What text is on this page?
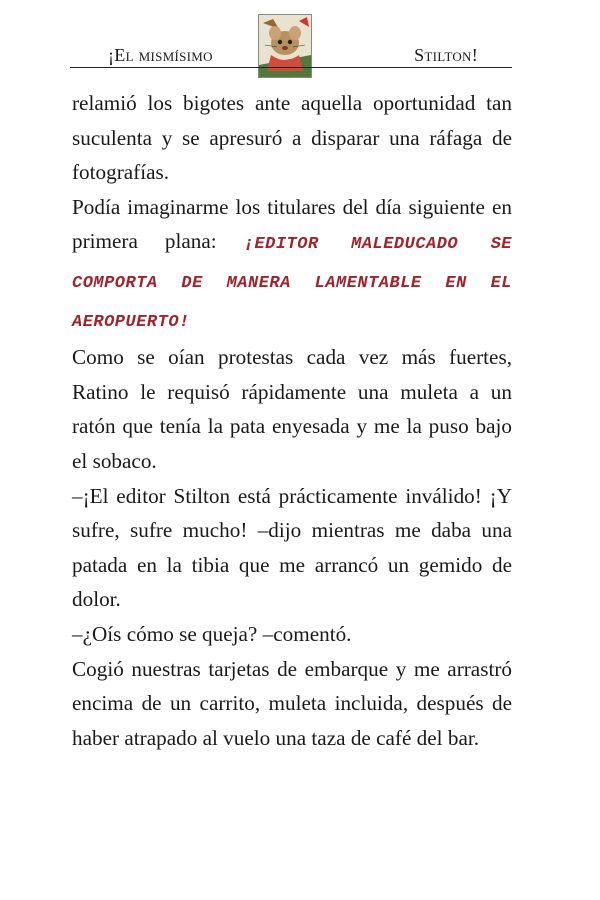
¡El mismísimo	Stilton!

relamió los bigotes ante aquella oportunidad tan suculenta y se apresuró a disparar una ráfaga de fotografías.

Podía imaginarme los titulares del día siguiente en primera plana: ¡EDITOR MALEDUCADO SE COMPORTA DE MANERA LAMENTABLE EN EL AEROPUERTO!

Como se oían protestas cada vez más fuertes, Ratino le requisó rápidamente una muleta a un ratón que tenía la pata enyesada y me la puso bajo el sobaco.

–¡El editor Stilton está prácticamente inválido! ¡Y sufre, sufre mucho! –dijo mientras me daba una patada en la tibia que me arrancó un gemido de dolor.

–¿Oís cómo se queja? –comentó.

Cogió nuestras tarjetas de embarque y me arrastró encima de un carrito, muleta incluida, después de haber atrapado al vuelo una taza de café del bar.
